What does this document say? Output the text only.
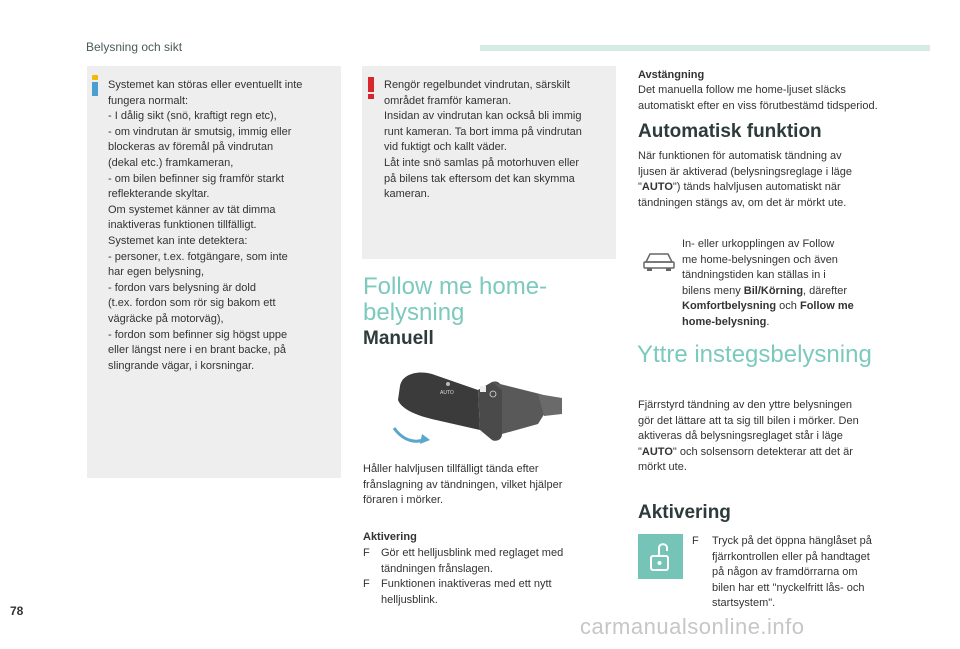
Belysning och sikt
Systemet kan störas eller eventuellt inte
fungera normalt:
- I dålig sikt (snö, kraftigt regn etc),
- om vindrutan är smutsig, immig eller
blockeras av föremål på vindrutan
(dekal etc.) framkameran,
- om bilen befinner sig framför starkt
reflekterande skyltar.
Om systemet känner av tät dimma
inaktiveras funktionen tillfälligt.
Systemet kan inte detektera:
- personer, t.ex. fotgängare, som inte
har egen belysning,
- fordon vars belysning är dold
(t.ex. fordon som rör sig bakom ett
vägräcke på motorväg),
- fordon som befinner sig högst uppe
eller längst nere i en brant backe, på
slingrande vägar, i korsningar.
Rengör regelbundet vindrutan, särskilt
området framför kameran.
Insidan av vindrutan kan också bli immig
runt kameran. Ta bort imma på vindrutan
vid fuktigt och kallt väder.
Låt inte snö samlas på motorhuven eller
på bilens tak eftersom det kan skymma
kameran.
Follow me home-
belysning
Manuell
AUTO
Håller halvljusen tillfälligt tända efter
frånslagning av tändningen, vilket hjälper
föraren i mörker.
Aktivering
F	Gör ett helljusblink med reglaget med
tändningen frånslagen.
F	Funktionen inaktiveras med ett nytt
helljusblink.
Avstängning
Det manuella follow me home-ljuset släcks
automatiskt efter en viss förutbestämd tidsperiod.
Automatisk funktion
När funktionen för automatisk tändning av
ljusen är aktiverad (belysningsreglage i läge
"AUTO") tänds halvljusen automatiskt när
tändningen stängs av, om det är mörkt ute.
In- eller urkopplingen av Follow
me home-belysningen och även
tändningstiden kan ställas in i
bilens meny Bil/Körning, därefter
Komfortbelysning och Follow me
home-belysning.
Yttre instegsbelysning
Fjärrstyrd tändning av den yttre belysningen
gör det lättare att ta sig till bilen i mörker. Den
aktiveras då belysningsreglaget står i läge
"AUTO" och solsensorn detekterar att det är
mörkt ute.
Aktivering
F	Tryck på det öppna hänglåset på
fjärrkontrollen eller på handtaget
på någon av framdörrarna om
bilen har ett "nyckelfritt lås- och
startsystem".
78
carmanualsonline.info
